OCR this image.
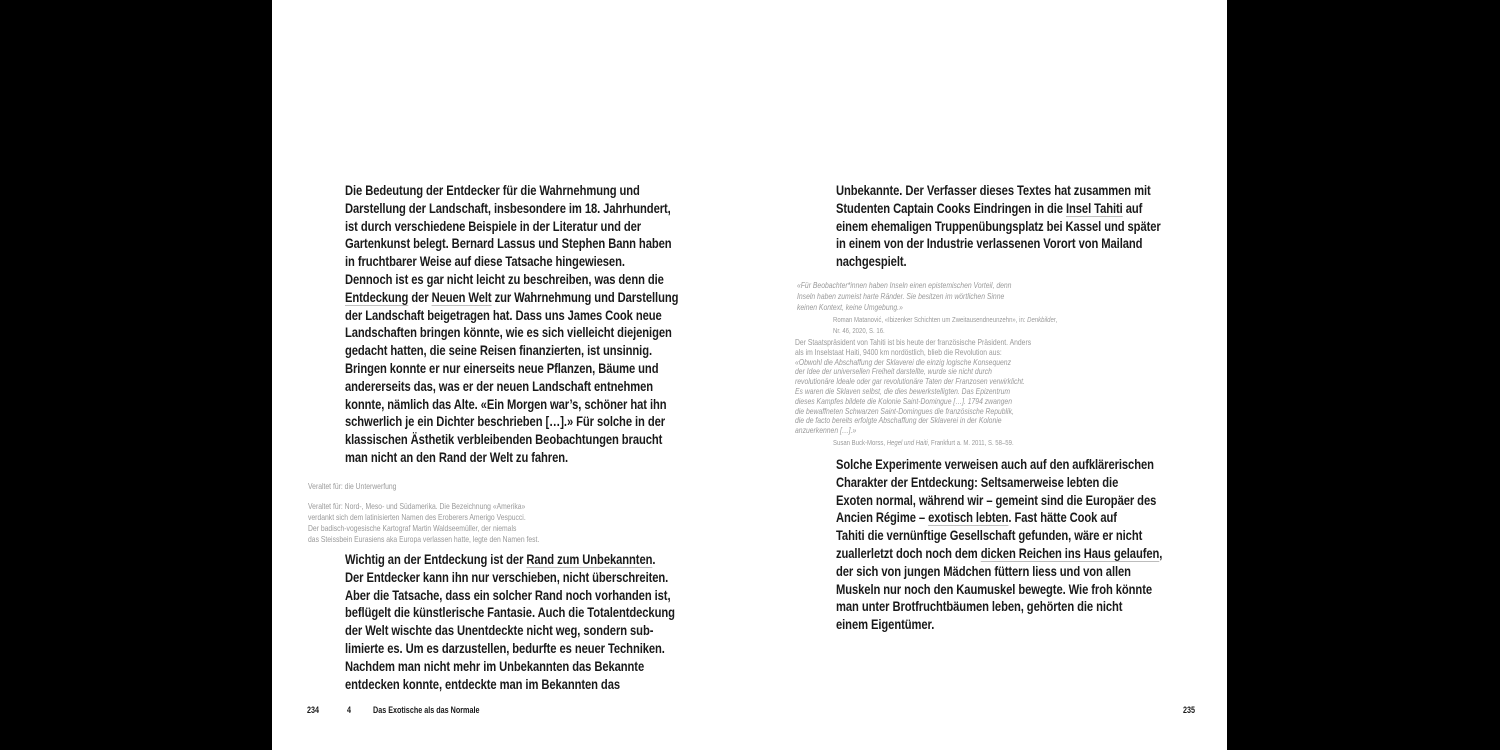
Die Bedeutung der Entdecker für die Wahrnehmung und
Darstellung der Landschaft, insbesondere im 18. Jahrhundert,
ist durch verschiedene Beispiele in der Literatur und der
Gartenkunst belegt. Bernard Lassus und Stephen Bann haben
in fruchtbarer Weise auf diese Tatsache hingewiesen.
Dennoch ist es gar nicht leicht zu beschreiben, was denn die
Entdeckung der Neuen Welt zur Wahrnehmung und Darstellung
der Landschaft beigetragen hat. Dass uns James Cook neue
Landschaften bringen könnte, wie es sich vielleicht diejenigen
gedacht hatten, die seine Reisen finanzierten, ist unsinnig.
Bringen konnte er nur einerseits neue Pflanzen, Bäume und
andererseits das, was er der neuen Landschaft entnehmen
konnte, nämlich das Alte. «Ein Morgen war’s, schöner hat ihn
schwerlich je ein Dichter beschrieben […].» Für solche in der
klassischen Ästhetik verbleibenden Beobachtungen braucht
man nicht an den Rand der Welt zu fahren.
Veraltet für: die Unterwerfung
Veraltet für: Nord-, Meso- und Südamerika. Die Bezeichnung «Amerika»
verdankt sich dem latinisierten Namen des Eroberers Amerigo Vespucci.
Der badisch-vogesische Kartograf Martin Waldseemüller, der niemals
das Steissbein Eurasiens aka Europa verlassen hatte, legte den Namen fest.
Wichtig an der Entdeckung ist der Rand zum Unbekannten.
Der Entdecker kann ihn nur verschieben, nicht überschreiten.
Aber die Tatsache, dass ein solcher Rand noch vorhanden ist,
beflügelt die künstlerische Fantasie. Auch die Totalentdeckung
der Welt wischte das Unentdeckte nicht weg, sondern sub-
limierte es. Um es darzustellen, bedurfte es neuer Techniken.
Nachdem man nicht mehr im Unbekannten das Bekannte
entdecken konnte, entdeckte man im Bekannten das
234	4 Das Exotische als das Normale
Unbekannte. Der Verfasser dieses Textes hat zusammen mit
Studenten Captain Cooks Eindringen in die Insel Tahiti auf
einem ehemaligen Truppenübungsplatz bei Kassel und später
in einem von der Industrie verlassenen Vorort von Mailand
nachgespielt.
«Für Beobachter*innen haben Inseln einen epistemischen Vorteil, denn
Inseln haben zumeist harte Ränder. Sie besitzen im wörtlichen Sinne
keinen Kontext, keine Umgebung.»
Roman Matanović, «Ibizenker Schichten um Zweitausendneunzehn», in: Denkbilder,
Nr. 46, 2020, S. 16.
Der Staatspräsident von Tahiti ist bis heute der französische Präsident. Anders
als im Inselstaat Haiti, 9400 km nordöstlich, blieb die Revolution aus:
«Obwohl die Abschaffung der Sklaverei die einzig logische Konsequenz
der Idee der universellen Freiheit darstellte, wurde sie nicht durch
revolutionäre Ideale oder gar revolutionäre Taten der Franzosen verwirklicht.
Es waren die Sklaven selbst, die dies bewerkstelligten. Das Epizentrum
dieses Kampfes bildete die Kolonie Saint-Domingue […]. 1794 zwangen
die bewaffneten Schwarzen Saint-Domingues die französische Republik,
die de facto bereits erfolgte Abschaffung der Sklaverei in der Kolonie
anzuerkennen […].»
Susan Buck-Morss, Hegel und Haiti, Frankfurt a. M. 2011, S. 58–59.
Solche Experimente verweisen auch auf den aufklärerischen
Charakter der Entdeckung: Seltsamerweise lebten die
Exoten normal, während wir – gemeint sind die Europäer des
Ancien Régime – exotisch lebten. Fast hätte Cook auf
Tahiti die vernünftige Gesellschaft gefunden, wäre er nicht
zuallerletzt doch noch dem dicken Reichen ins Haus gelaufen,
der sich von jungen Mädchen füttern liess und von allen
Muskeln nur noch den Kaumuskel bewegte. Wie froh könnte
man unter Brotfruchtbäumen leben, gehörten die nicht
einem Eigentümer.
235
